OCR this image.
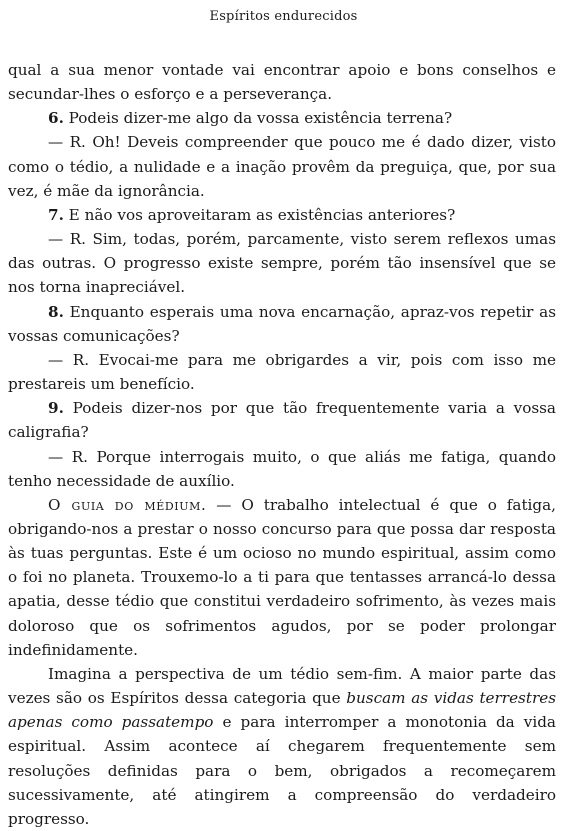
Espíritos endurecidos

qual a sua menor vontade vai encontrar apoio e bons conselhos e secundar-lhes o esforço e a perseverança.

6. Podeis dizer-me algo da vossa existência terrena?

— R. Oh! Deveis compreender que pouco me é dado dizer, visto como o tédio, a nulidade e a inação provêm da preguiça, que, por sua vez, é mãe da ignorância.

7. E não vos aproveitaram as existências anteriores?

— R. Sim, todas, porém, parcamente, visto serem reflexos umas das outras. O progresso existe sempre, porém tão insensível que se nos torna inapreciável.

8. Enquanto esperais uma nova encarnação, apraz-vos repetir as vossas comunicações?

— R. Evocai-me para me obrigardes a vir, pois com isso me prestareis um benefício.

9. Podeis dizer-nos por que tão frequentemente varia a vossa caligrafia?

— R. Porque interrogais muito, o que aliás me fatiga, quando tenho necessidade de auxílio.

O guia do médium. — O trabalho intelectual é que o fatiga, obrigando-nos a prestar o nosso concurso para que possa dar resposta às tuas perguntas. Este é um ocioso no mundo espiritual, assim como o foi no planeta. Trouxemo-lo a ti para que tentasses arrancá-lo dessa apatia, desse tédio que constitui verdadeiro sofrimento, às vezes mais doloroso que os sofrimentos agudos, por se poder prolongar indefinidamente.

Imagina a perspectiva de um tédio sem-fim. A maior parte das vezes são os Espíritos dessa categoria que buscam as vidas terrestres apenas como passatempo e para interromper a monotonia da vida espiritual. Assim acontece aí chegarem frequentemente sem resoluções definidas para o bem, obrigados a recomeçarem sucessivamente, até atingirem a compreensão do verdadeiro progresso.
